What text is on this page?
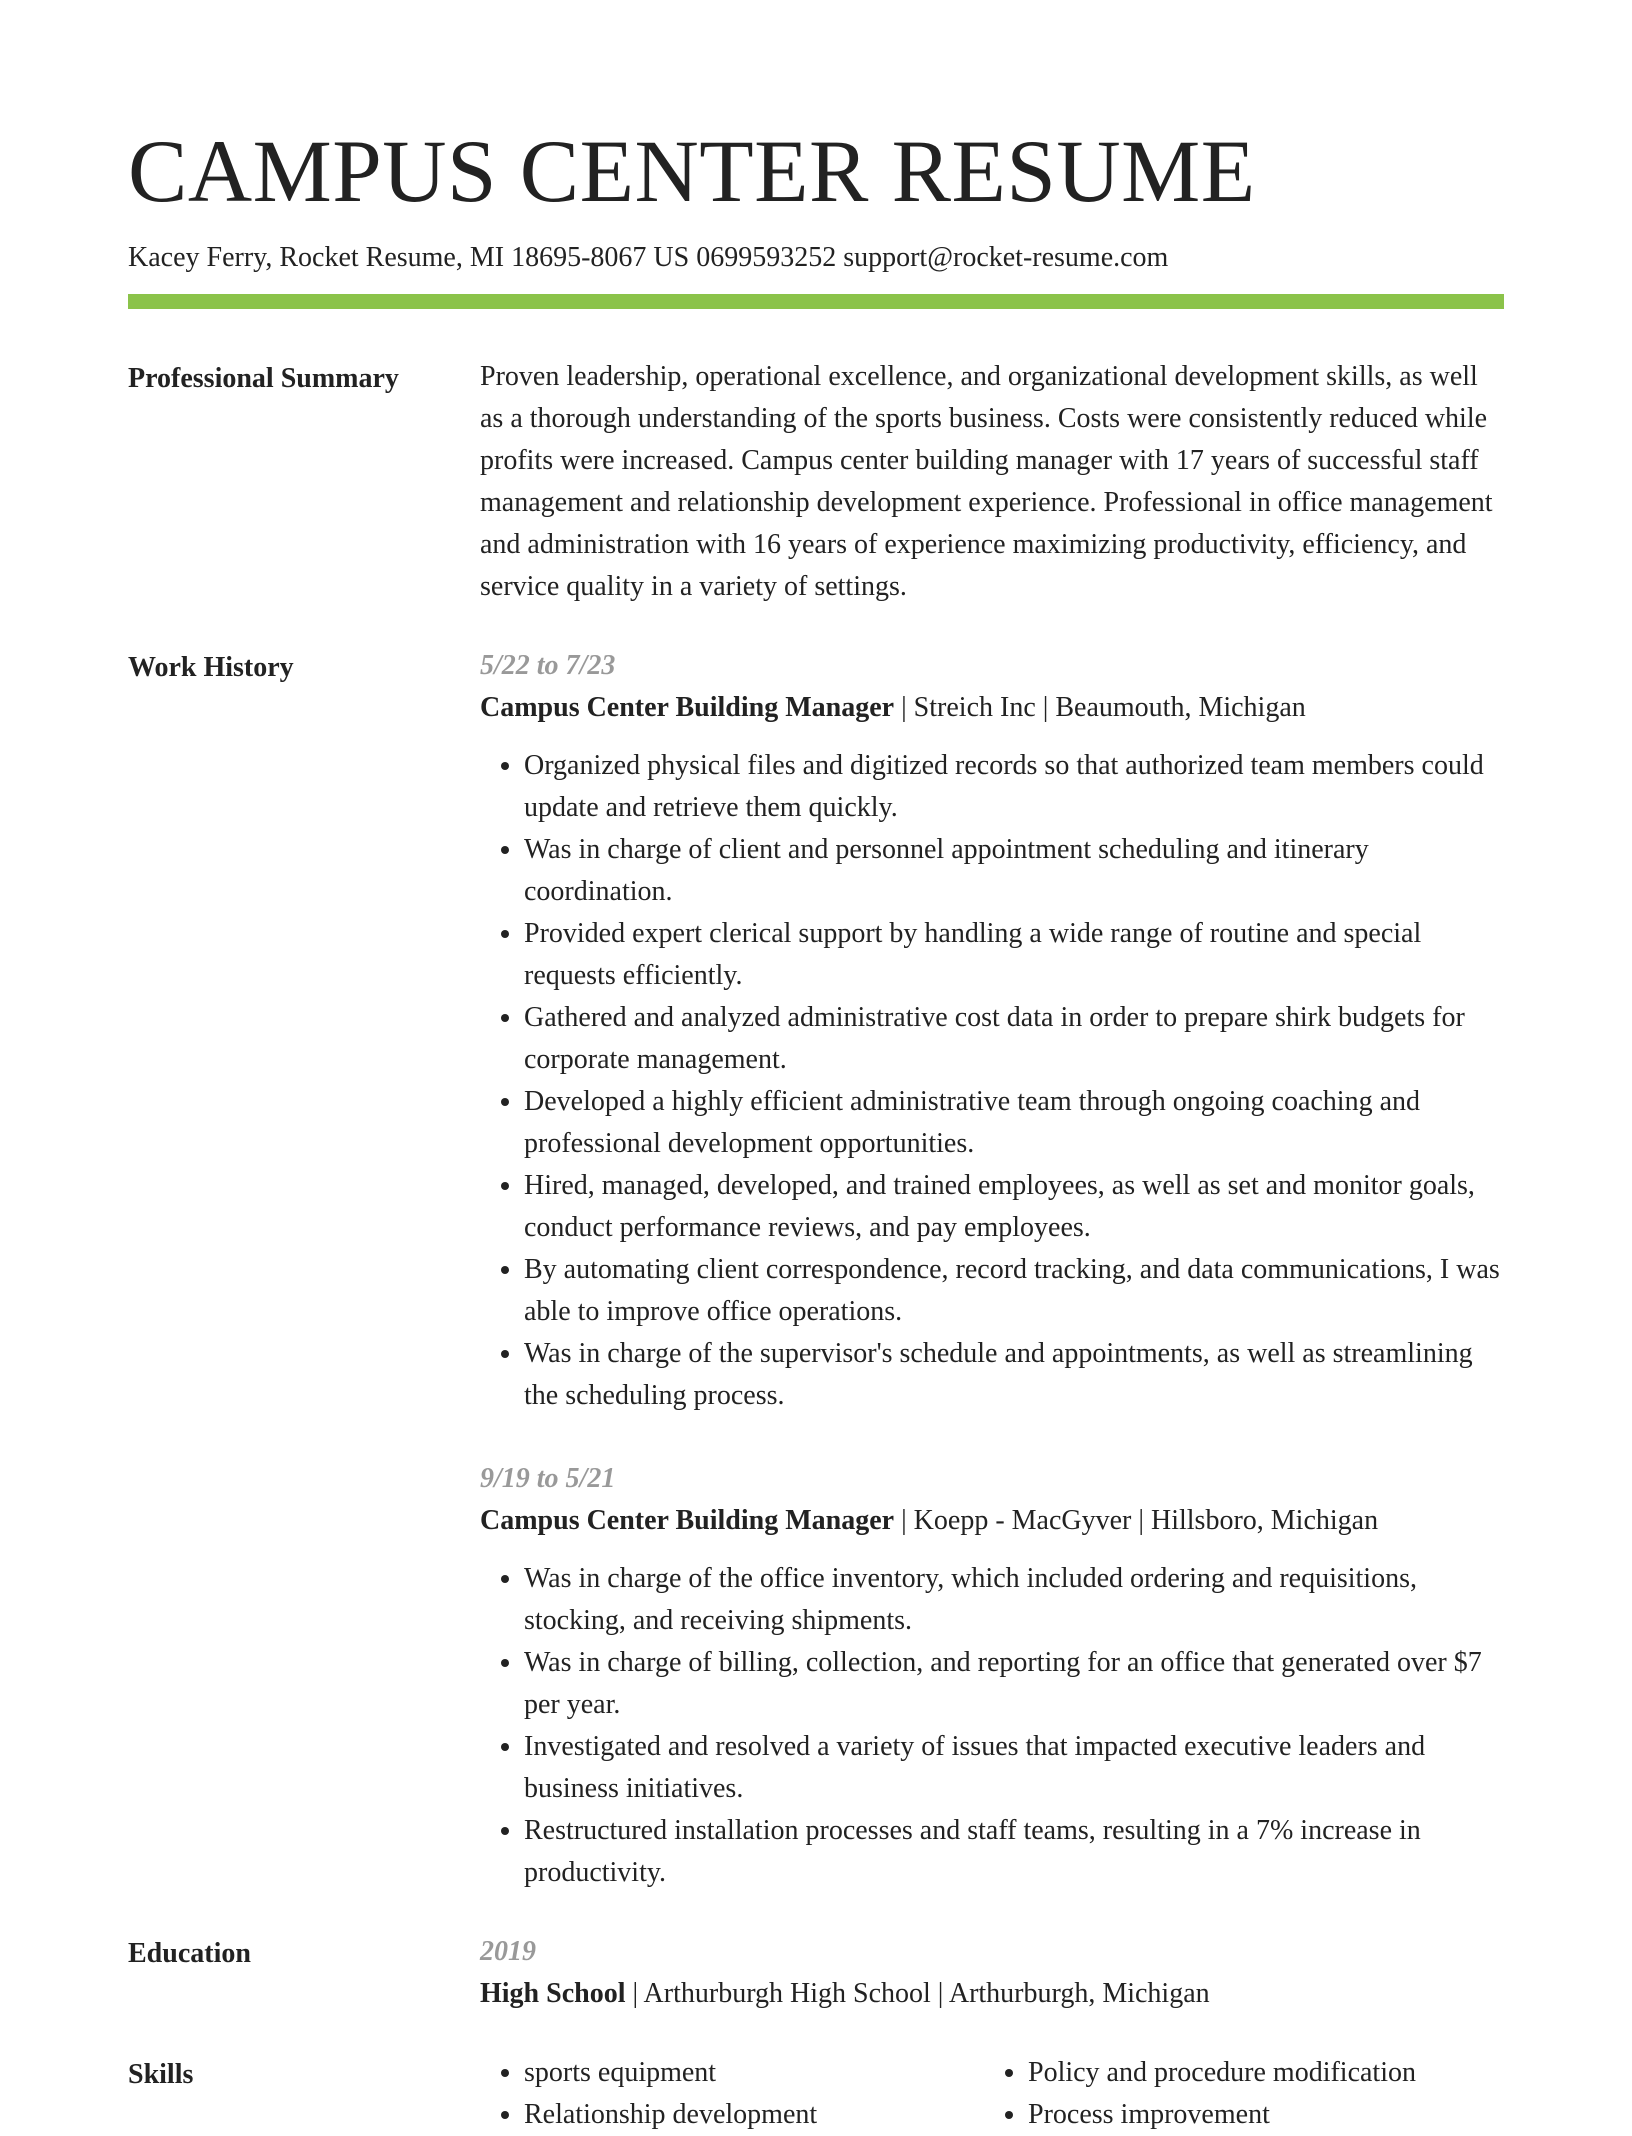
CAMPUS CENTER RESUME
Kacey Ferry, Rocket Resume, MI 18695-8067 US 0699593252 support@rocket-resume.com
Professional Summary	Proven leadership, operational excellence, and organizational development skills, as well as a thorough understanding of the sports business. Costs were consistently reduced while profits were increased. Campus center building manager with 17 years of successful staff management and relationship development experience. Professional in office management and administration with 16 years of experience maximizing productivity, efficiency, and service quality in a variety of settings.

Work History	5/22 to 7/23
Campus Center Building Manager | Streich Inc | Beaumouth, Michigan
• Organized physical files and digitized records so that authorized team members could update and retrieve them quickly.
• Was in charge of client and personnel appointment scheduling and itinerary coordination.
• Provided expert clerical support by handling a wide range of routine and special requests efficiently.
• Gathered and analyzed administrative cost data in order to prepare shirk budgets for corporate management.
• Developed a highly efficient administrative team through ongoing coaching and professional development opportunities.
• Hired, managed, developed, and trained employees, as well as set and monitor goals, conduct performance reviews, and pay employees.
• By automating client correspondence, record tracking, and data communications, I was able to improve office operations.
• Was in charge of the supervisor's schedule and appointments, as well as streamlining the scheduling process.
9/19 to 5/21
Campus Center Building Manager | Koepp - MacGyver | Hillsboro, Michigan
• Was in charge of the office inventory, which included ordering and requisitions, stocking, and receiving shipments.
• Was in charge of billing, collection, and reporting for an office that generated over $7 per year.
• Investigated and resolved a variety of issues that impacted executive leaders and business initiatives.
• Restructured installation processes and staff teams, resulting in a 7% increase in productivity.
Education	2019
High School | Arthurburgh High School | Arthurburgh, Michigan
Skills	• sports equipment	• Policy and procedure modification
• Relationship development	• Process improvement
